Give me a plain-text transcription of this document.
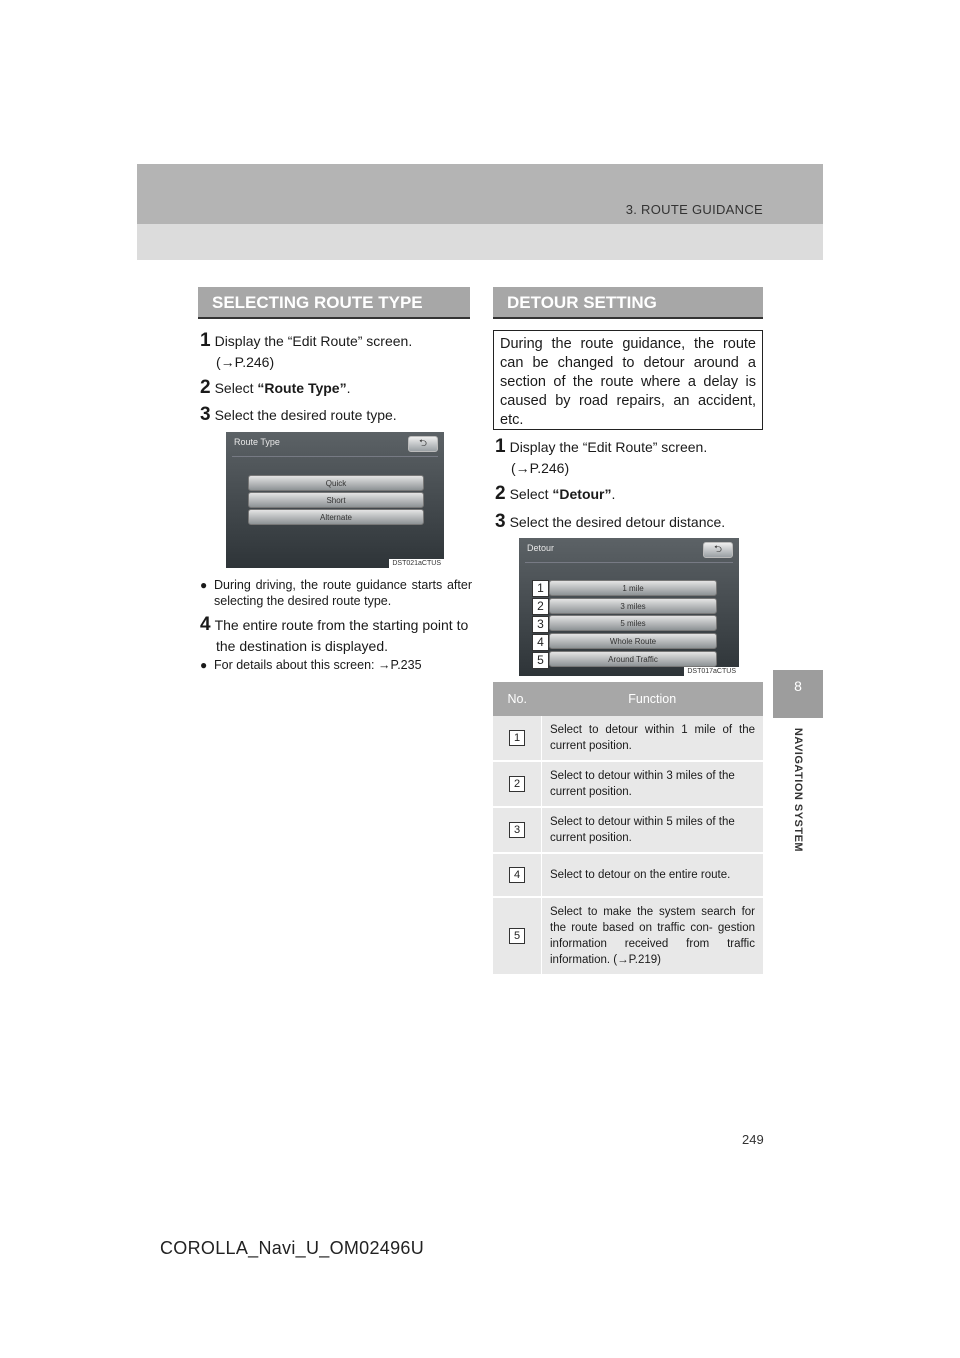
3. ROUTE GUIDANCE
8
NAVIGATION SYSTEM
SELECTING ROUTE TYPE
1 Display the “Edit Route” screen.
(→P.246)
2 Select “Route Type”.
3 Select the desired route type.
Route Type	⮌
Quick
Short
Alternate
DST021aCTUS
● During driving, the route guidance starts after selecting the desired route type.
4 The entire route from the starting point to the destination is displayed.
● For details about this screen: →P.235
DETOUR SETTING
During the route guidance, the route can be changed to detour around a section of the route where a delay is caused by road repairs, an accident, etc.
1 Display the “Edit Route” screen.
(→P.246)
2 Select “Detour”.
3 Select the desired detour distance.
Detour	⮌
1 mile
3 miles
5 miles
Whole Route
Around Traffic
1
2
3
4
5
DST017aCTUS
No.	Function
1	Select to detour within 1 mile of the current position.
2	Select to detour within 3 miles of the current position.
3	Select to detour within 5 miles of the current position.
4	Select to detour on the entire route.
5	Select to make the system search for the route based on traffic con- gestion information received from traffic information. (→P.219)
249
COROLLA_Navi_U_OM02496U
